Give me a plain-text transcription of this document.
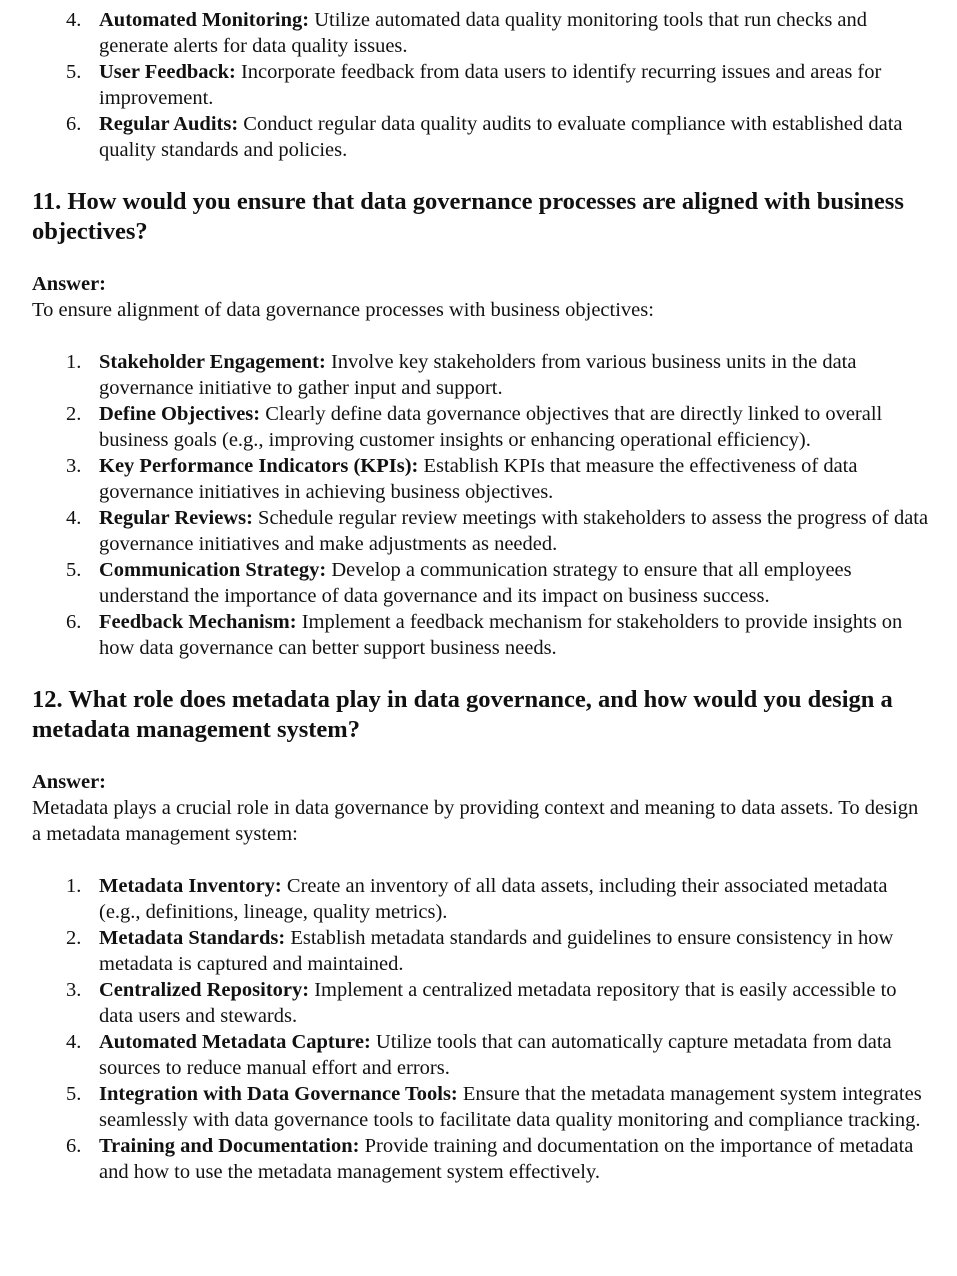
4. Automated Monitoring: Utilize automated data quality monitoring tools that run checks and generate alerts for data quality issues.
5. User Feedback: Incorporate feedback from data users to identify recurring issues and areas for improvement.
6. Regular Audits: Conduct regular data quality audits to evaluate compliance with established data quality standards and policies.
11. How would you ensure that data governance processes are aligned with business objectives?

Answer:

To ensure alignment of data governance processes with business objectives:

1. Stakeholder Engagement: Involve key stakeholders from various business units in the data governance initiative to gather input and support.
2. Define Objectives: Clearly define data governance objectives that are directly linked to overall business goals (e.g., improving customer insights or enhancing operational efficiency).
3. Key Performance Indicators (KPIs): Establish KPIs that measure the effectiveness of data governance initiatives in achieving business objectives.
4. Regular Reviews: Schedule regular review meetings with stakeholders to assess the progress of data governance initiatives and make adjustments as needed.
5. Communication Strategy: Develop a communication strategy to ensure that all employees understand the importance of data governance and its impact on business success.
6. Feedback Mechanism: Implement a feedback mechanism for stakeholders to provide insights on how data governance can better support business needs.
12. What role does metadata play in data governance, and how would you design a metadata management system?

Answer:

Metadata plays a crucial role in data governance by providing context and meaning to data assets. To design a metadata management system:

1. Metadata Inventory: Create an inventory of all data assets, including their associated metadata (e.g., definitions, lineage, quality metrics).
2. Metadata Standards: Establish metadata standards and guidelines to ensure consistency in how metadata is captured and maintained.
3. Centralized Repository: Implement a centralized metadata repository that is easily accessible to data users and stewards.
4. Automated Metadata Capture: Utilize tools that can automatically capture metadata from data sources to reduce manual effort and errors.
5. Integration with Data Governance Tools: Ensure that the metadata management system integrates seamlessly with data governance tools to facilitate data quality monitoring and compliance tracking.
6. Training and Documentation: Provide training and documentation on the importance of metadata and how to use the metadata management system effectively.
